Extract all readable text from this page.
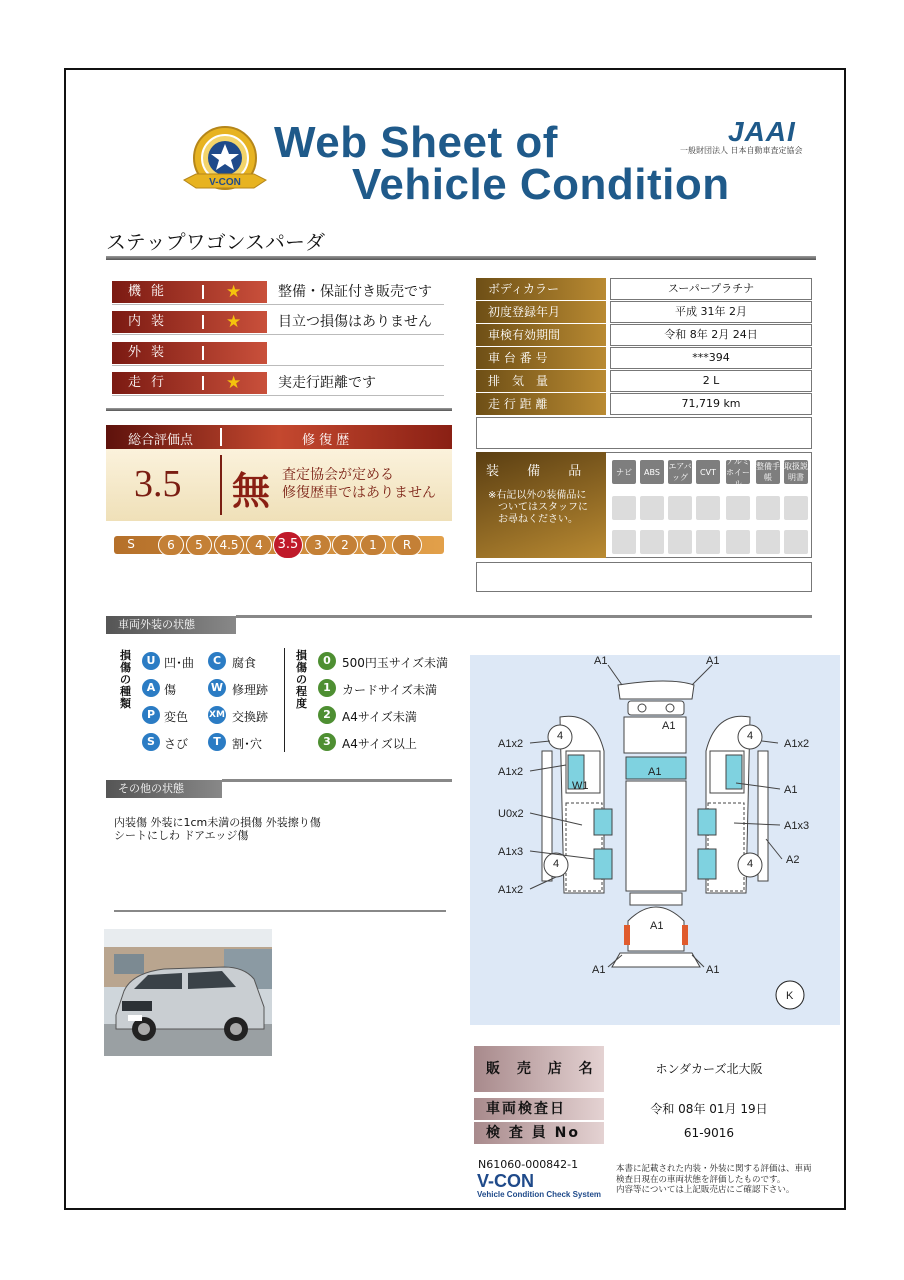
V-CON
Web Sheet of
Vehicle Condition
JAAI
一般財団法人 日本自動車査定協会
ステップワゴンスパーダ
機能	★	整備・保証付き販売です
内装	★	目立つ損傷はありません
外装
走行	★	実走行距離です
ボディカラー	スーパープラチナ
初度登録年月	平成 31年 2月
車検有効期間	令和 8年 2月 24日
車 台 番 号	***394
排　気　量	2 L
走 行 距 離	71,719 km
総合評価点	修 復 歴
3.5 無 査定協会が定める
修復歴車ではありません
S	6	5	4.5	4	3.5	3	2	1	R
装 備 品
※右記以外の装備品に
ついてはスタッフに
お尋ねください。
ナビ	ABS
エアバッグ
CVT
アルミホイール
整備手帳
取扱説明書
車両外装の状態
損傷の種類
U 凹･曲	C 腐食
A 傷	W 修理跡
P 変色 XM 交換跡
S さび	T 割･穴
損傷の程度
0 500円玉サイズ未満
1 カードサイズ未満
2 A4サイズ未満
3 A4サイズ以上
その他の状態
内装傷 外装に1cm未満の損傷 外装擦り傷
シートにしわ ドアエッジ傷
4	4
4	4
A1	A1
A1
A1
A1x2	A1x2
A1x2
A1
U0x2
A1x3
A1x3
A2
A1x2
W1
A1
A1	A1
K
販 売 店 名	ホンダカーズ北大阪
車両検査日	令和 08年 01月 19日
検 査 員 No	61-9016
N61060-000842-1
V-CON
Vehicle Condition Check System
本書に記載された内装・外装に関する評価は、車両
検査日現在の車両状態を評価したものです。
内容等については上記販売店にご確認下さい。
